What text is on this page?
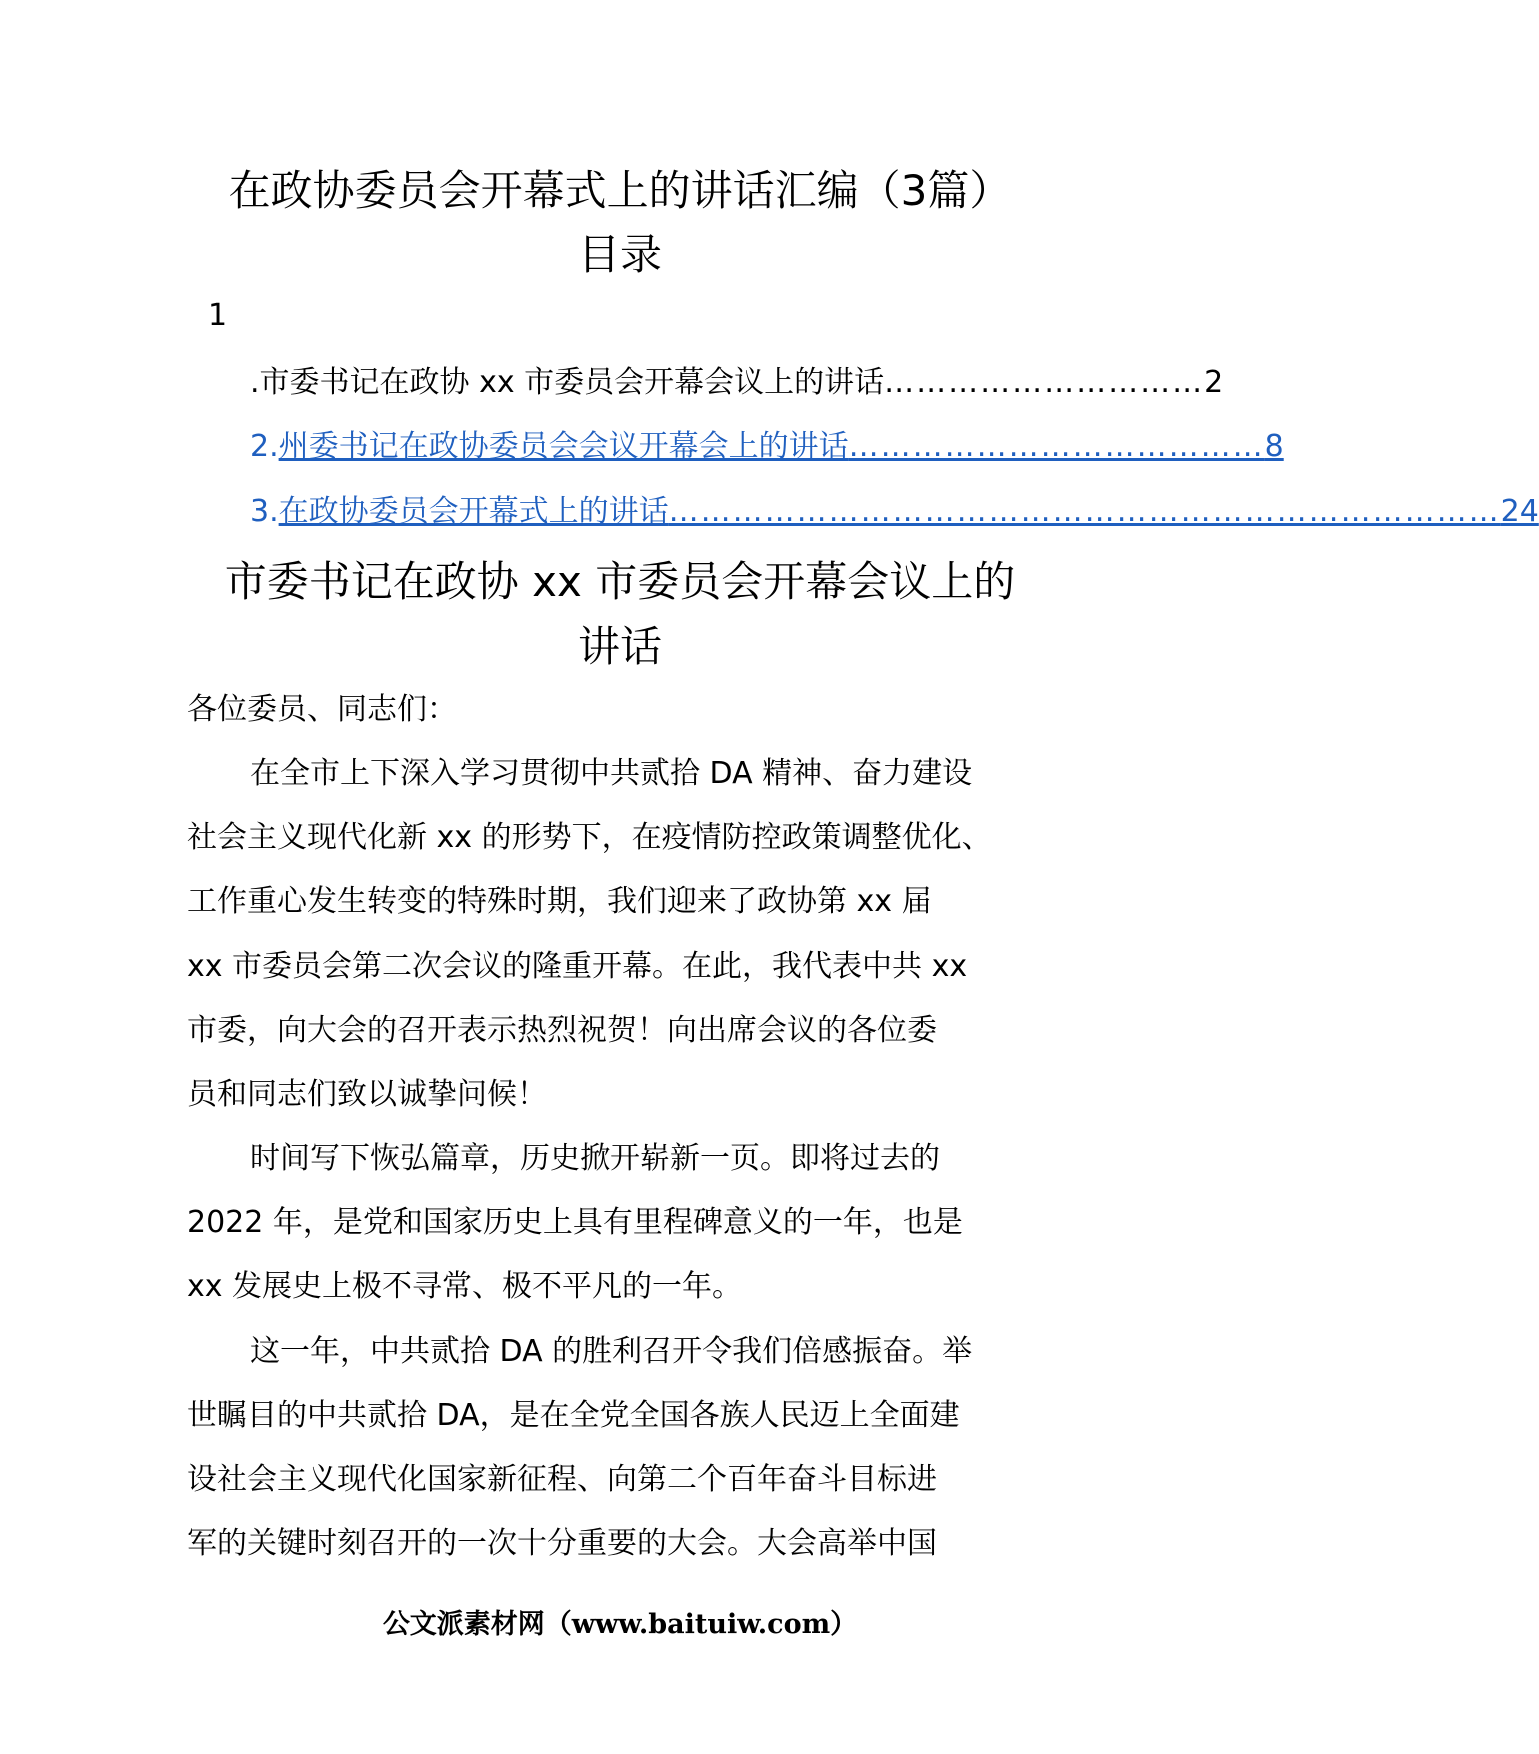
在政协委员会开幕式上的讲话汇编（3篇）
目录
1
. 市委书记在政协 xx 市委员会开幕会议上的讲话 ………………………… 2
2. 州委书记在政协委员会会议开幕会上的讲话 ………………………………… 8
3. 在政协委员会开幕式上的讲话 …………………………………………………………………… 24
市委书记在政协 xx 市委员会开幕会议上的
讲话
各位委员、同志们：
在全市上下深入学习贯彻中共贰拾 DA 精神、奋力建设
社会主义现代化新 xx 的形势下，在疫情防控政策调整优化、
工作重心发生转变的特殊时期，我们迎来了政协第 xx 届
xx 市委员会第二次会议的隆重开幕。在此，我代表中共 xx
市委，向大会的召开表示热烈祝贺！向出席会议的各位委
员和同志们致以诚挚问候！
时间写下恢弘篇章，历史掀开崭新一页。即将过去的
2022 年，是党和国家历史上具有里程碑意义的一年，也是
xx 发展史上极不寻常、极不平凡的一年。
这一年，中共贰拾 DA 的胜利召开令我们倍感振奋。举
世瞩目的中共贰拾 DA，是在全党全国各族人民迈上全面建
设社会主义现代化国家新征程、向第二个百年奋斗目标进
军的关键时刻召开的一次十分重要的大会。大会高举中国
公文派素材网（www.baituiw.com）
